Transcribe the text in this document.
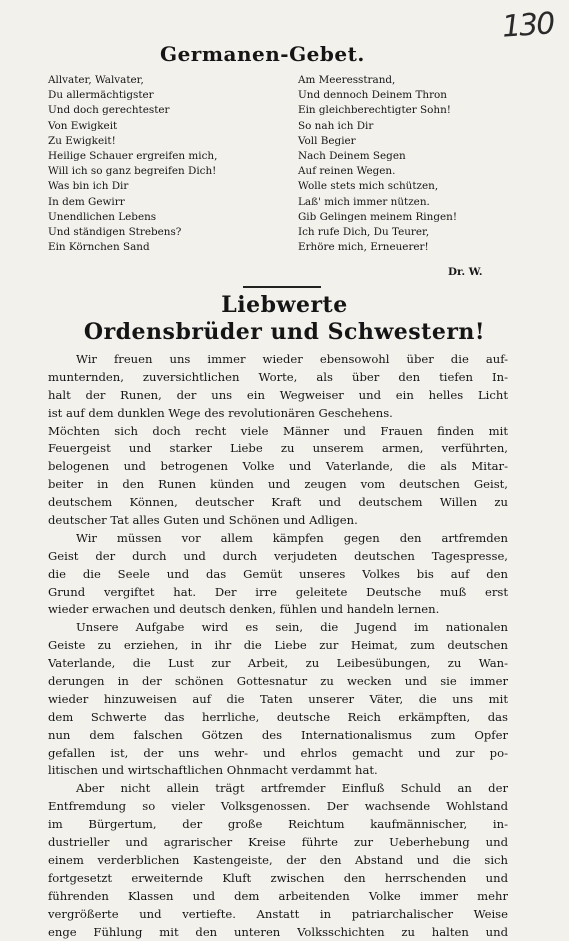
130
Germanen-Gebet.
Allvater, Walvater,
Du allermächtigster
Und doch gerechtester
Von Ewigkeit
Zu Ewigkeit!
Heilige Schauer ergreifen mich,
Will ich so ganz begreifen Dich!
Was bin ich Dir
In dem Gewirr
Unendlichen Lebens
Und ständigen Strebens?
Ein Körnchen Sand
Am Meeresstrand,
Und dennoch Deinem Thron
Ein gleichberechtigter Sohn!
So nah ich Dir
Voll Begier
Nach Deinem Segen
Auf reinen Wegen.
Wolle stets mich schützen,
Laß' mich immer nützen.
Gib Gelingen meinem Ringen!
Ich rufe Dich, Du Teurer,
Erhöre mich, Erneuerer!
Dr. W.
Liebwerte
Ordensbrüder und Schwestern!
Wir freuen uns immer wieder ebensowohl über die auf-
munternden, zuversichtlichen Worte, als über den tiefen In-
halt der Runen, der uns ein Wegweiser und ein helles Licht
ist auf dem dunklen Wege des revolutionären Geschehens.
Möchten sich doch recht viele Männer und Frauen finden mit
Feuergeist und starker Liebe zu unserem armen, verführten,
belogenen und betrogenen Volke und Vaterlande, die als Mitar-
beiter in den Runen künden und zeugen vom deutschen Geist,
deutschem Können, deutscher Kraft und deutschem Willen zu
deutscher Tat alles Guten und Schönen und Adligen.
Wir müssen vor allem kämpfen gegen den artfremden
Geist der durch und durch verjudeten deutschen Tagespresse,
die die Seele und das Gemüt unseres Volkes bis auf den
Grund vergiftet hat. Der irre geleitete Deutsche muß erst
wieder erwachen und deutsch denken, fühlen und handeln lernen.
Unsere Aufgabe wird es sein, die Jugend im nationalen
Geiste zu erziehen, in ihr die Liebe zur Heimat, zum deutschen
Vaterlande, die Lust zur Arbeit, zu Leibesübungen, zu Wan-
derungen in der schönen Gottesnatur zu wecken und sie immer
wieder hinzuweisen auf die Taten unserer Väter, die uns mit
dem Schwerte das herrliche, deutsche Reich erkämpften, das
nun dem falschen Götzen des Internationalismus zum Opfer
gefallen ist, der uns wehr- und ehrlos gemacht und zur po-
litischen und wirtschaftlichen Ohnmacht verdammt hat.
Aber nicht allein trägt artfremder Einfluß Schuld an der
Entfremdung so vieler Volksgenossen. Der wachsende Wohlstand
im Bürgertum, der große Reichtum kaufmännischer, in-
dustrieller und agrarischer Kreise führte zur Ueberhebung und
einem verderblichen Kastengeiste, der den Abstand und die sich
fortgesetzt erweiternde Kluft zwischen den herrschenden und
führenden Klassen und dem arbeitenden Volke immer mehr
vergrößerte und vertiefte. Anstatt in patriarchalischer Weise
enge Fühlung mit den unteren Volksschichten zu halten und
